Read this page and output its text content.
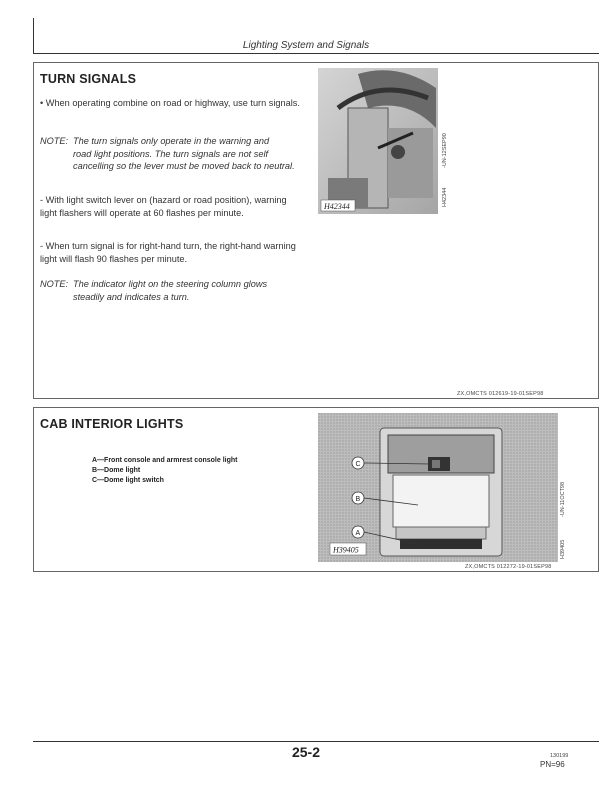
Lighting System and Signals
TURN SIGNALS
• When operating combine on road or highway, use turn signals.
NOTE: The turn signals only operate in the warning and
road light positions. The turn signals are not self cancelling so the lever must be moved back to neutral.
- With light switch lever on (hazard or road position), warning light flashers will operate at 60 flashes per minute.
- When turn signal is for right-hand turn, the right-hand warning light will flash 90 flashes per minute.
NOTE: The indicator light on the steering column glows
steadily and indicates a turn.
H42344
-UN-12SEP90
H42344
ZX,OMCTS 012619-19-01SEP98
CAB INTERIOR LIGHTS
A—Front console and armrest console light
B—Dome light
C—Dome light switch
C
B
A
H39405
-UN-11OCT98
H39405
ZX,OMCTS 012272-19-01SEP98
25-2	130199
PN=96
